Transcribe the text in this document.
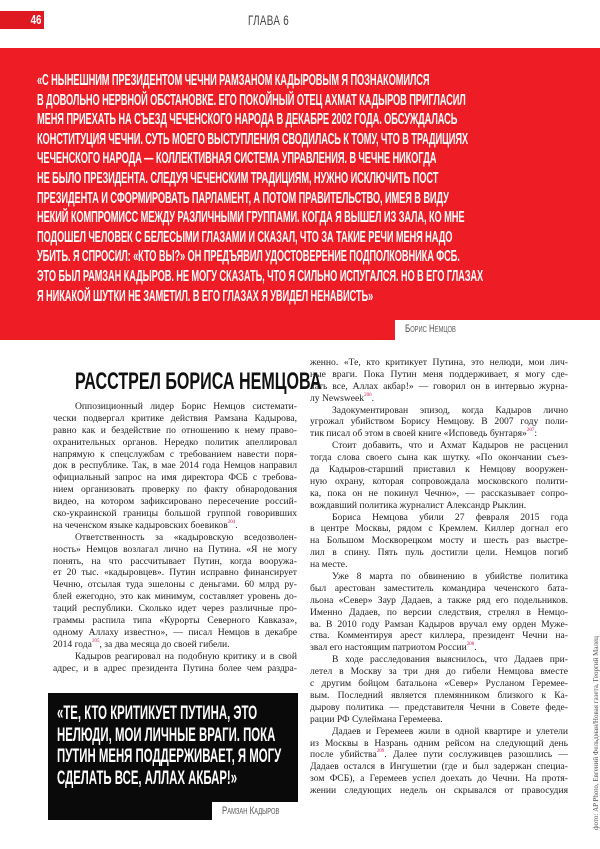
46	ГЛАВА 6
«С НЫНЕШНИМ ПРЕЗИДЕНТОМ ЧЕЧНИ РАМЗАНОМ КАДЫРОВЫМ Я ПОЗНАКОМИЛСЯ
В ДОВОЛЬНО НЕРВНОЙ ОБСТАНОВКЕ. ЕГО ПОКОЙНЫЙ ОТЕЦ АХМАТ КАДЫРОВ ПРИГЛАСИЛ
МЕНЯ ПРИЕХАТЬ НА СЪЕЗД ЧЕЧЕНСКОГО НАРОДА В ДЕКАБРЕ 2002 ГОДА. ОБСУЖДАЛАСЬ
КОНСТИТУЦИЯ ЧЕЧНИ. СУТЬ МОЕГО ВЫСТУПЛЕНИЯ СВОДИЛАСЬ К ТОМУ, ЧТО В ТРАДИЦИЯХ
ЧЕЧЕНСКОГО НАРОДА — КОЛЛЕКТИВНАЯ СИСТЕМА УПРАВЛЕНИЯ. В ЧЕЧНЕ НИКОГДА
НЕ БЫЛО ПРЕЗИДЕНТА. СЛЕДУЯ ЧЕЧЕНСКИМ ТРАДИЦИЯМ, НУЖНО ИСКЛЮЧИТЬ ПОСТ
ПРЕЗИДЕНТА И СФОРМИРОВАТЬ ПАРЛАМЕНТ, А ПОТОМ ПРАВИТЕЛЬСТВО, ИМЕЯ В ВИДУ
НЕКИЙ КОМПРОМИСС МЕЖДУ РАЗЛИЧНЫМИ ГРУППАМИ. КОГДА Я ВЫШЕЛ ИЗ ЗАЛА, КО МНЕ
ПОДОШЕЛ ЧЕЛОВЕК С БЕЛЕСЫМИ ГЛАЗАМИ И СКАЗАЛ, ЧТО ЗА ТАКИЕ РЕЧИ МЕНЯ НАДО
УБИТЬ. Я СПРОСИЛ: «КТО ВЫ?» ОН ПРЕДЪЯВИЛ УДОСТОВЕРЕНИЕ ПОДПОЛКОВНИКА ФСБ.
ЭТО БЫЛ РАМЗАН КАДЫРОВ. НЕ МОГУ СКАЗАТЬ, ЧТО Я СИЛЬНО ИСПУГАЛСЯ. НО В ЕГО ГЛАЗАХ
Я НИКАКОЙ ШУТКИ НЕ ЗАМЕТИЛ. В ЕГО ГЛАЗАХ Я УВИДЕЛ НЕНАВИСТЬ»
Борис Немцов
РАССТРЕЛ БОРИСА НЕМЦОВА
Оппозиционный лидер Борис Немцов системати-
чески подвергал критике действия Рамзана Кадырова,
равно как и бездействие по отношению к нему право-
охранительных органов. Нередко политик апеллировал
напрямую к спецслужбам с требованием навести поря-
док в республике. Так, в мае 2014 года Немцов направил
официальный запрос на имя директора ФСБ с требова-
нием организовать проверку по факту обнародования
видео, на котором зафиксировано пересечение россий-
ско-украинской границы большой группой говоривших
на чеченском языке кадыровских боевиков$^{204}$.
Ответственность за «кадыровскую вседозволен-
ность» Немцов возлагал лично на Путина. «Я не могу
понять, на что рассчитывает Путин, когда вооружа-
ет 20 тыс. «кадыровцев». Путин исправно финансирует
Чечню, отсылая туда эшелоны с деньгами. 60 млрд ру-
блей ежегодно, это как минимум, составляет уровень до-
таций республики. Сколько идет через различные про-
граммы распила типа «Курорты Северного Кавказа»,
одному Аллаху известно», — писал Немцов в декабре
2014 года$^{205}$, за два месяца до своей гибели.
Кадыров реагировал на подобную критику и в свой
адрес, и в адрес президента Путина более чем раздра-
женно. «Те, кто критикует Путина, это нелюди, мои лич-
ные враги. Пока Путин меня поддерживает, я могу сде-
лать все, Аллах акбар!» — говорил он в интервью журна-
лу Newsweek$^{206}$.
Задокументирован эпизод, когда Кадыров лично
угрожал убийством Борису Немцову. В 2007 году поли-
тик писал об этом в своей книге «Исповедь бунтаря»$^{207}$:
Стоит добавить, что и Ахмат Кадыров не расценил
тогда слова своего сына как шутку. «По окончании съез-
да Кадыров-старший приставил к Немцову вооружен-
ную охрану, которая сопровождала московского полити-
ка, пока он не покинул Чечню», — рассказывает сопро-
вождавший политика журналист Александр Рыклин.
Бориса Немцова убили 27 февраля 2015 года
в центре Москвы, рядом с Кремлем. Киллер догнал его
на Большом Москворецком мосту и шесть раз выстре-
лил в спину. Пять пуль достигли цели. Немцов погиб
на месте.
Уже 8 марта по обвинению в убийстве политика
был арестован заместитель командира чеченского бата-
льона «Север» Заур Дадаев, а также ряд его подельников.
Именно Дадаев, по версии следствия, стрелял в Немцо-
ва. В 2010 году Рамзан Кадыров вручал ему орден Муже-
ства. Комментируя арест киллера, президент Чечни на-
звал его настоящим патриотом России$^{208}$.
В ходе расследования выяснилось, что Дадаев при-
летел в Москву за три дня до гибели Немцова вместе
с другим бойцом батальона «Север» Русланом Геремее-
вым. Последний является племянником близкого к Ка-
дырову политика — представителя Чечни в Совете феде-
рации РФ Сулеймана Геремеева.
Дадаев и Геремеев жили в одной квартире и улетели
из Москвы в Назрань одним рейсом на следующий день
после убийства$^{209}$. Далее пути сослуживцев разошлись —
Дадаев остался в Ингушетии (где и был задержан специа-
зом ФСБ), а Геремеев успел доехать до Чечни. На протя-
жении следующих недель он скрывался от правосудия
«ТЕ, КТО КРИТИКУЕТ ПУТИНА, ЭТО
НЕЛЮДИ, МОИ ЛИЧНЫЕ ВРАГИ. ПОКА
ПУТИН МЕНЯ ПОДДЕРЖИВАЕТ, Я МОГУ
СДЕЛАТЬ ВСЕ, АЛЛАХ АКБАР!»
Рамзан Кадыров	фото: AP Photo, Евгений Фельдман/Новая газета, Георгий Малец
